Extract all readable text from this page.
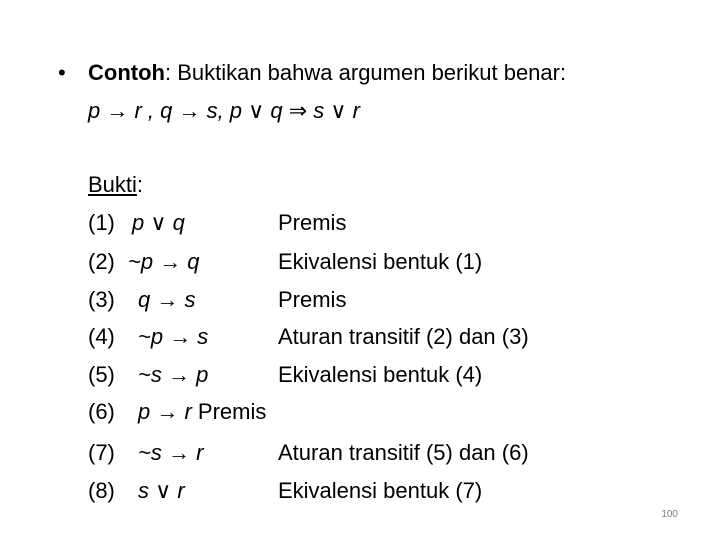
• Contoh: Buktikan bahwa argumen berikut benar:
p → r , q → s, p ∨ q ⇒ s ∨ r
Bukti:
(1) p ∨ q	Premis
(2) ~p → q	Ekivalensi bentuk (1)
(3) q → s	Premis
(4) ~p → s	Aturan transitif (2) dan (3)
(5) ~s → p	Ekivalensi bentuk (4)
(6) p → r Premis
(7) ~s → r	Aturan transitif (5) dan (6)
(8) s ∨ r	Ekivalensi bentuk (7)
100
